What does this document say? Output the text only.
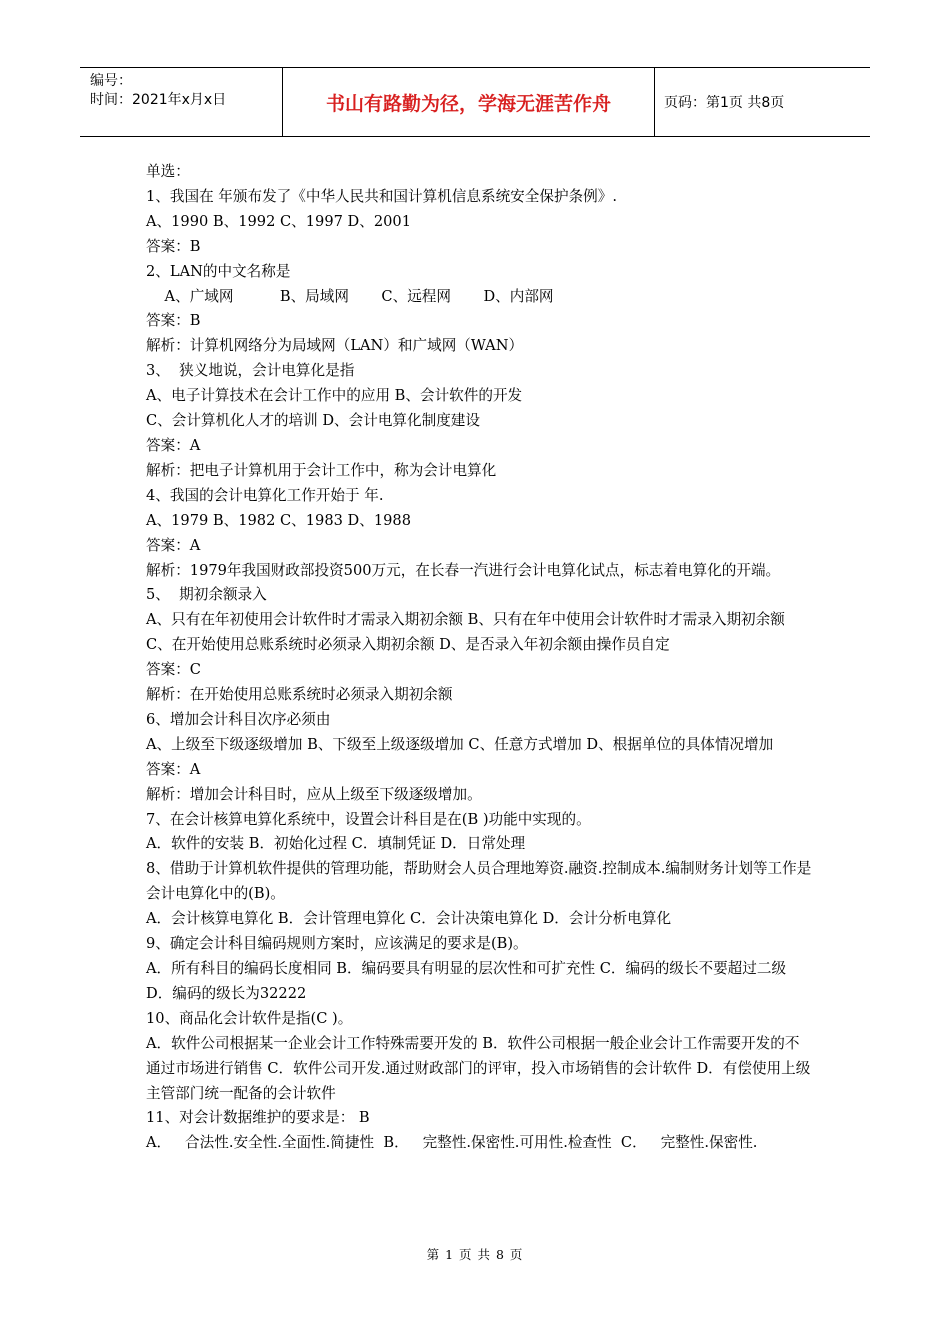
编号：
时间：2021年x月x日	书山有路勤为径，学海无涯苦作舟	页码：第1页 共8页

单选：

1、我国在 年颁布发了《中华人民共和国计算机信息系统安全保护条例》.

A、1990 B、1992 C、1997 D、2001

答案：B

2、LAN的中文名称是

A、广域网          B、局域网       C、远程网       D、内部网

答案：B

解析：计算机网络分为局域网（LAN）和广域网（WAN）

3、  狭义地说，会计电算化是指

A、电子计算技术在会计工作中的应用 B、会计软件的开发

C、会计算机化人才的培训 D、会计电算化制度建设

答案：A

解析：把电子计算机用于会计工作中，称为会计电算化

4、我国的会计电算化工作开始于 年.

A、1979 B、1982 C、1983 D、1988

答案：A

解析：1979年我国财政部投资500万元，在长春一汽进行会计电算化试点，标志着电算化的开端。

5、  期初余额录入

A、只有在年初使用会计软件时才需录入期初余额 B、只有在年中使用会计软件时才需录入期初余额

C、在开始使用总账系统时必须录入期初余额 D、是否录入年初余额由操作员自定

答案：C

解析：在开始使用总账系统时必须录入期初余额

6、增加会计科目次序必须由

A、上级至下级逐级增加 B、下级至上级逐级增加 C、任意方式增加 D、根据单位的具体情况增加

答案：A

解析：增加会计科目时，应从上级至下级逐级增加。

7、在会计核算电算化系统中，设置会计科目是在(B )功能中实现的。

A．软件的安装 B．初始化过程 C．填制凭证 D．日常处理

8、借助于计算机软件提供的管理功能，帮助财会人员合理地筹资.融资.控制成本.编制财务计划等工作是会计电算化中的(B)。

A．会计核算电算化 B．会计管理电算化 C．会计决策电算化 D．会计分析电算化

9、确定会计科目编码规则方案时，应该满足的要求是(B)。

A．所有科目的编码长度相同 B．编码要具有明显的层次性和可扩充性 C．编码的级长不要超过二级 D．编码的级长为32222

10、商品化会计软件是指(C )。

A．软件公司根据某一企业会计工作特殊需要开发的 B．软件公司根据一般企业会计工作需要开发的不通过市场进行销售 C．软件公司开发.通过财政部门的评审，投入市场销售的会计软件 D．有偿使用上级主管部门统一配备的会计软件

11、对会计数据维护的要求是： B

A．   合法性.安全性.全面性.简捷性  B．   完整性.保密性.可用性.检查性  C．   完整性.保密性.

第 1 页 共 8 页
